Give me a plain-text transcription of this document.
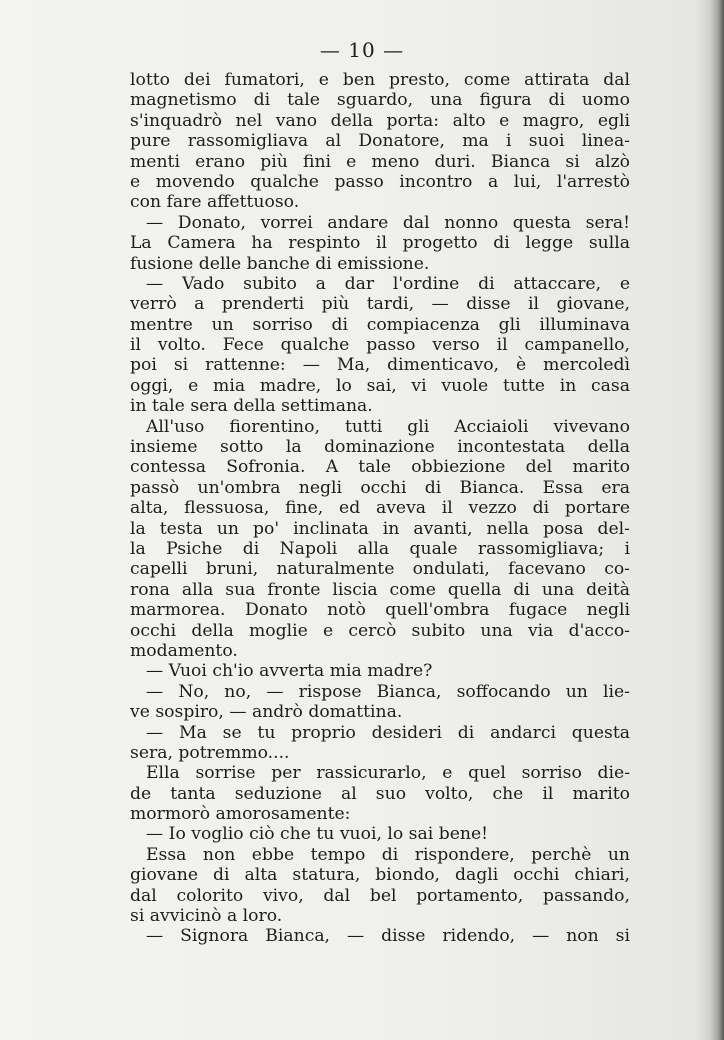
— 10 —
lotto dei fumatori, e ben presto, come attirata dal
magnetismo di tale sguardo, una figura di uomo
s'inquadrò nel vano della porta: alto e magro, egli
pure rassomigliava al Donatore, ma i suoi linea-
menti erano più fini e meno duri. Bianca si alzò
e movendo qualche passo incontro a lui, l'arrestò
con fare affettuoso.
— Donato, vorrei andare dal nonno questa sera!
La Camera ha respinto il progetto di legge sulla
fusione delle banche di emissione.
— Vado subito a dar l'ordine di attaccare, e
verrò a prenderti più tardi, — disse il giovane,
mentre un sorriso di compiacenza gli illuminava
il volto. Fece qualche passo verso il campanello,
poi si rattenne: — Ma, dimenticavo, è mercoledì
oggi, e mia madre, lo sai, vi vuole tutte in casa
in tale sera della settimana.
All'uso fiorentino, tutti gli Acciaioli vivevano
insieme sotto la dominazione incontestata della
contessa Sofronia. A tale obbiezione del marito
passò un'ombra negli occhi di Bianca. Essa era
alta, flessuosa, fine, ed aveva il vezzo di portare
la testa un po' inclinata in avanti, nella posa del-
la Psiche di Napoli alla quale rassomigliava; i
capelli bruni, naturalmente ondulati, facevano co-
rona alla sua fronte liscia come quella di una deità
marmorea. Donato notò quell'ombra fugace negli
occhi della moglie e cercò subito una via d'acco-
modamento.
— Vuoi ch'io avverta mia madre?
— No, no, — rispose Bianca, soffocando un lie-
ve sospiro, — andrò domattina.
— Ma se tu proprio desideri di andarci questa
sera, potremmo....
Ella sorrise per rassicurarlo, e quel sorriso die-
de tanta seduzione al suo volto, che il marito
mormorò amorosamente:
— Io voglio ciò che tu vuoi, lo sai bene!
Essa non ebbe tempo di rispondere, perchè un
giovane di alta statura, biondo, dagli occhi chiari,
dal colorito vivo, dal bel portamento, passando,
si avvicinò a loro.
— Signora Bianca, — disse ridendo, — non si
